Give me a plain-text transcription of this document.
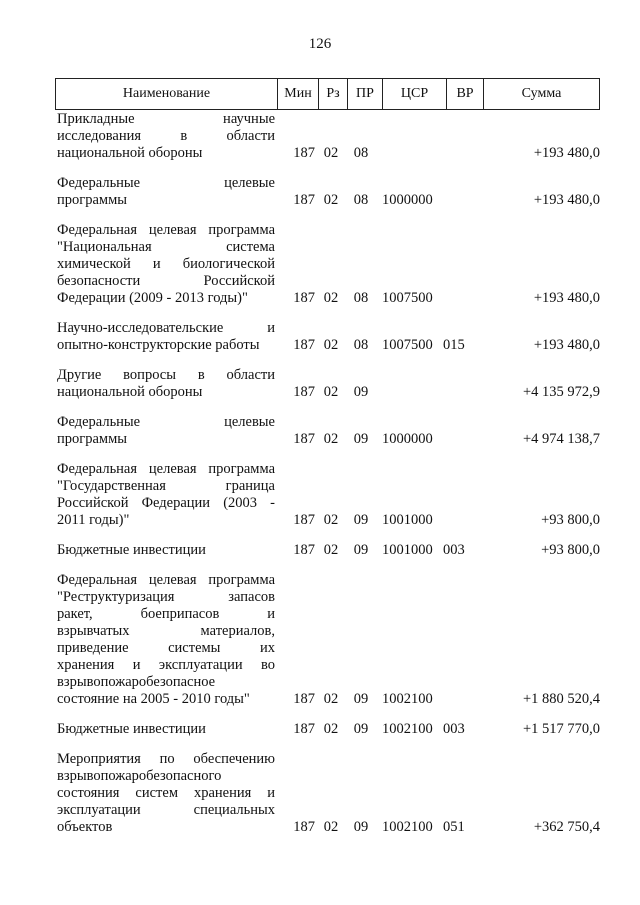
126
Наименование	Мин	Рз	ПР	ЦСР	ВР	Сумма
Прикладные научные
исследования в области
национальной обороны	187 02	08	+193 480,0
Федеральные целевые
программы	187 02	08 1000000	+193 480,0
Федеральная целевая программа
"Национальная система
химической и биологической
безопасности Российской
Федерации (2009 - 2013 годы)"	187 02	08 1007500	+193 480,0
Научно-исследовательские и
опытно-конструкторские работы	187 02	08 1007500 015	+193 480,0
Другие вопросы в области
национальной обороны	187 02	09	+4 135 972,9
Федеральные целевые
программы	187 02	09 1000000	+4 974 138,7
Федеральная целевая программа
"Государственная граница
Российской Федерации (2003 -
2011 годы)"	187 02	09 1001000	+93 800,0
Бюджетные инвестиции	187 02	09 1001000 003	+93 800,0
Федеральная целевая программа
"Реструктуризация запасов
ракет, боеприпасов и
взрывчатых материалов,
приведение системы их
хранения и эксплуатации во
взрывопожаробезопасное
состояние на 2005 - 2010 годы"	187 02	09 1002100	+1 880 520,4
Бюджетные инвестиции	187 02	09 1002100 003	+1 517 770,0
Мероприятия по обеспечению
взрывопожаробезопасного
состояния систем хранения и
эксплуатации специальных
объектов	187 02	09 1002100 051	+362 750,4
